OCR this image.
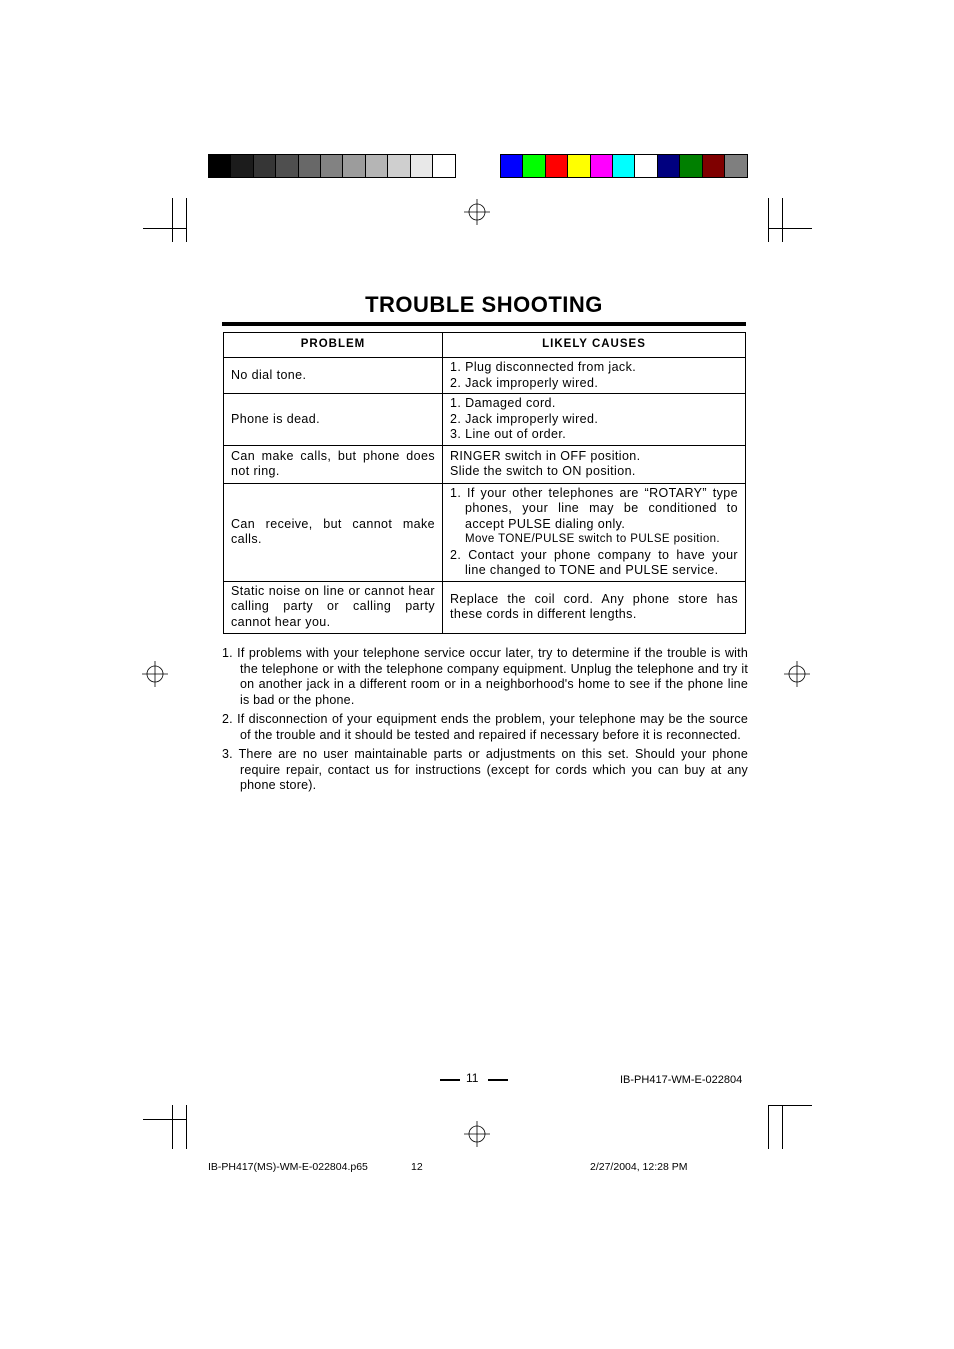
TROUBLE SHOOTING
PROBLEM	LIKELY CAUSES
No dial tone.	1. Plug disconnected from jack.
2. Jack improperly wired.

Phone is dead.	1. Damaged cord.
2. Jack improperly wired.
3. Line out of order.

Can make calls, but phone does not ring.	RINGER switch in OFF position.
Slide the switch to ON position.

Can receive, but cannot make calls.	1. If your other telephones are “ROTARY” type phones, your line may be conditioned to accept PULSE dialing only.
Move TONE/PULSE switch to PULSE position.
2. Contact your phone company to have your line changed to TONE and PULSE service.

Static noise on line or cannot hear calling party or calling party cannot hear you.	Replace the coil cord. Any phone store has these cords in different lengths.
1. If problems with your telephone service occur later, try to determine if the trouble is with the telephone or with the telephone company equipment. Unplug the telephone and try it on another jack in a different room or in a neighborhood's home to see if the phone line is bad or the phone.
2. If disconnection of your equipment ends the problem, your telephone may be the source of the trouble and it should be tested and repaired if necessary before it is reconnected.
3. There are no user maintainable parts or adjustments on this set. Should your phone require repair, contact us for instructions (except for cords which you can buy at any phone store).
11	IB-PH417-WM-E-022804
IB-PH417(MS)-WM-E-022804.p65	12	2/27/2004, 12:28 PM
